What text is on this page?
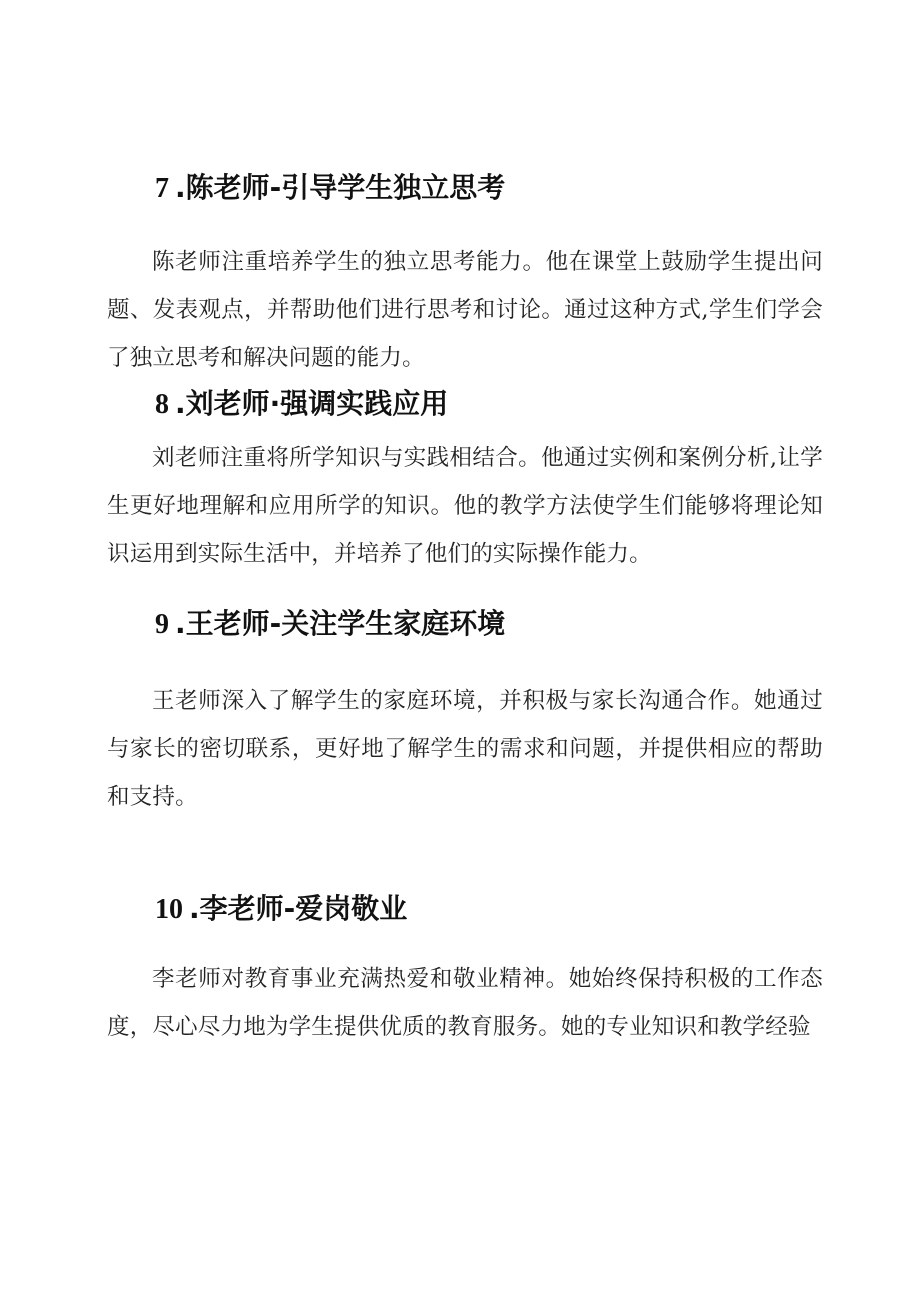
7 .陈老师-引导学生独立思考

陈老师注重培养学生的独立思考能力。他在课堂上鼓励学生提出问题、发表观点，并帮助他们进行思考和讨论。通过这种方式,学生们学会了独立思考和解决问题的能力。

8 .刘老师·强调实践应用

刘老师注重将所学知识与实践相结合。他通过实例和案例分析,让学生更好地理解和应用所学的知识。他的教学方法使学生们能够将理论知识运用到实际生活中，并培养了他们的实际操作能力。

9 .王老师-关注学生家庭环境

王老师深入了解学生的家庭环境，并积极与家长沟通合作。她通过与家长的密切联系，更好地了解学生的需求和问题，并提供相应的帮助和支持。

10 .李老师-爱岗敬业

李老师对教育事业充满热爱和敬业精神。她始终保持积极的工作态度，尽心尽力地为学生提供优质的教育服务。她的专业知识和教学经验
